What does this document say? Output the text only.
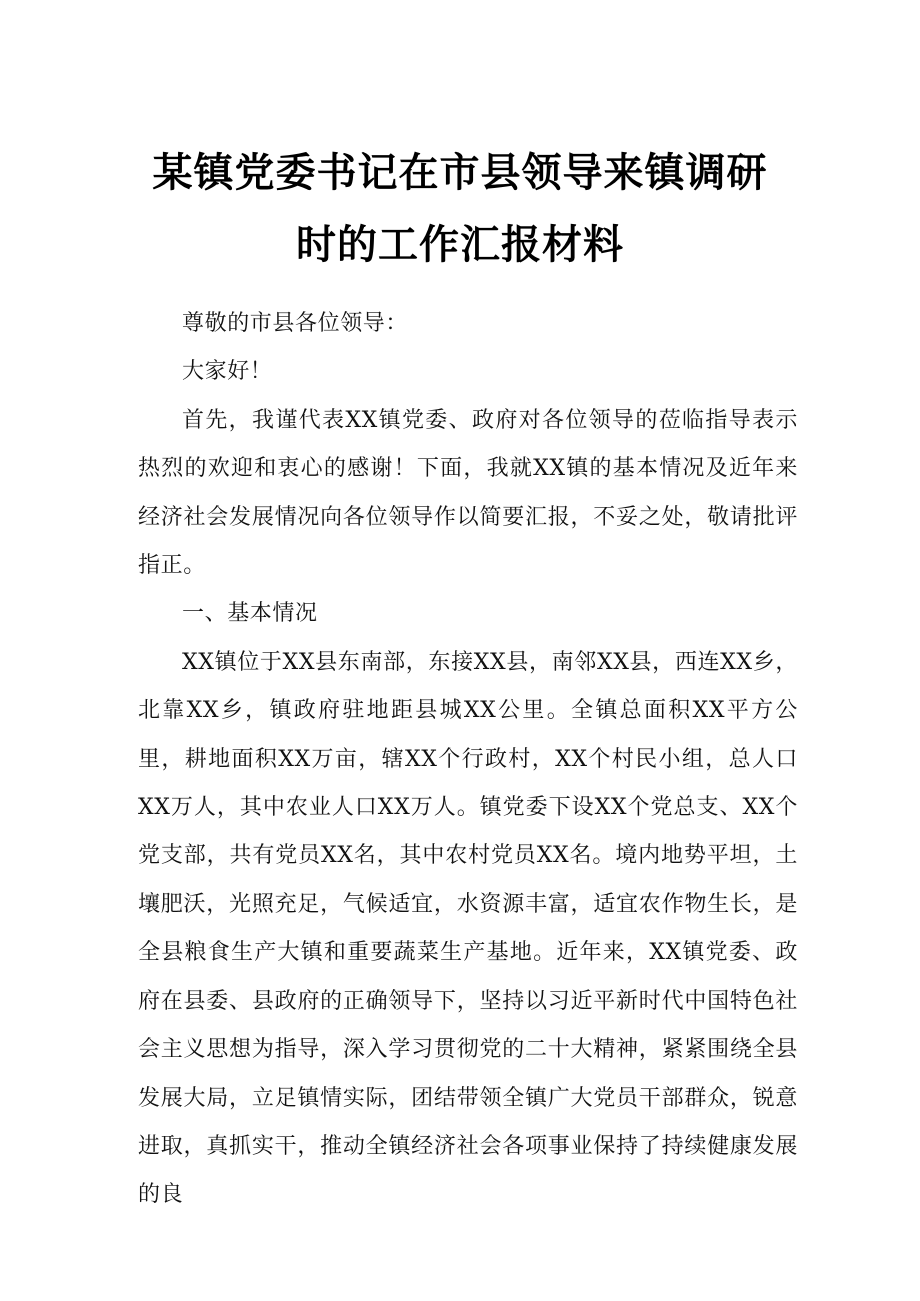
某镇党委书记在市县领导来镇调研
时的工作汇报材料

尊敬的市县各位领导：

大家好！

首先，我谨代表XX镇党委、政府对各位领导的莅临指导表示热烈的欢迎和衷心的感谢！下面，我就XX镇的基本情况及近年来经济社会发展情况向各位领导作以简要汇报，不妥之处，敬请批评指正。

一、基本情况

XX镇位于XX县东南部，东接XX县，南邻XX县，西连XX乡，北靠XX乡，镇政府驻地距县城XX公里。全镇总面积XX平方公里，耕地面积XX万亩，辖XX个行政村，XX个村民小组，总人口XX万人，其中农业人口XX万人。镇党委下设XX个党总支、XX个党支部，共有党员XX名，其中农村党员XX名。境内地势平坦，土壤肥沃，光照充足，气候适宜，水资源丰富，适宜农作物生长，是全县粮食生产大镇和重要蔬菜生产基地。近年来，XX镇党委、政府在县委、县政府的正确领导下，坚持以习近平新时代中国特色社会主义思想为指导，深入学习贯彻党的二十大精神，紧紧围绕全县发展大局，立足镇情实际，团结带领全镇广大党员干部群众，锐意进取，真抓实干，推动全镇经济社会各项事业保持了持续健康发展的良
